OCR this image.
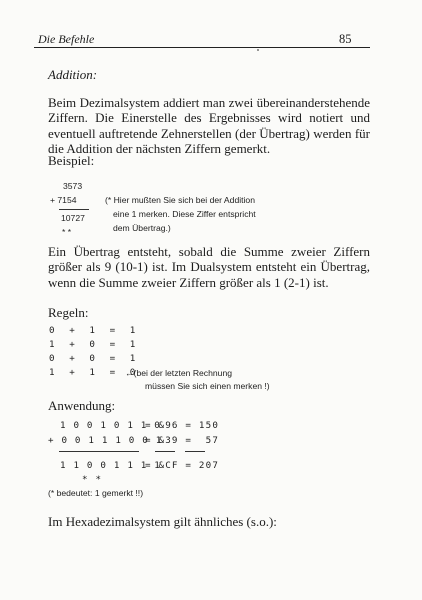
Die Befehle	85
Addition:
Beim Dezimalsystem addiert man zwei übereinanderstehende Ziffern. Die Einerstelle des Ergebnisses wird notiert und eventuell auftretende Zehnerstellen (der Übertrag) werden für die Addition der nächsten Ziffern gemerkt.
Beispiel:
3573
+ 7154
10727
* *
(* Hier mußten Sie sich bei der Addition
eine 1 merken. Diese Ziffer entspricht
dem Übertrag.)
Ein Übertrag entsteht, sobald die Summe zweier Ziffern größer als 9 (10-1) ist. Im Dualsystem entsteht ein Übertrag, wenn die Summe zweier Ziffern größer als 1 (2-1) ist.
Regeln:
0  +  1  =  1
1  +  0  =  1
0  +  0  =  1
1  +  1  =  0
←(bei der letzten Rechnung
müssen Sie sich einen merken !)
Anwendung:
1 0 0 1 0 1 1 0
= &96 = 150
+ 0 0 1 1 1 0 0 1
= &39 =  57
1 1 0 0 1 1 1 1
= &CF = 207
* *
(* bedeutet: 1 gemerkt !!)
Im Hexadezimalsystem gilt ähnliches (s.o.):
